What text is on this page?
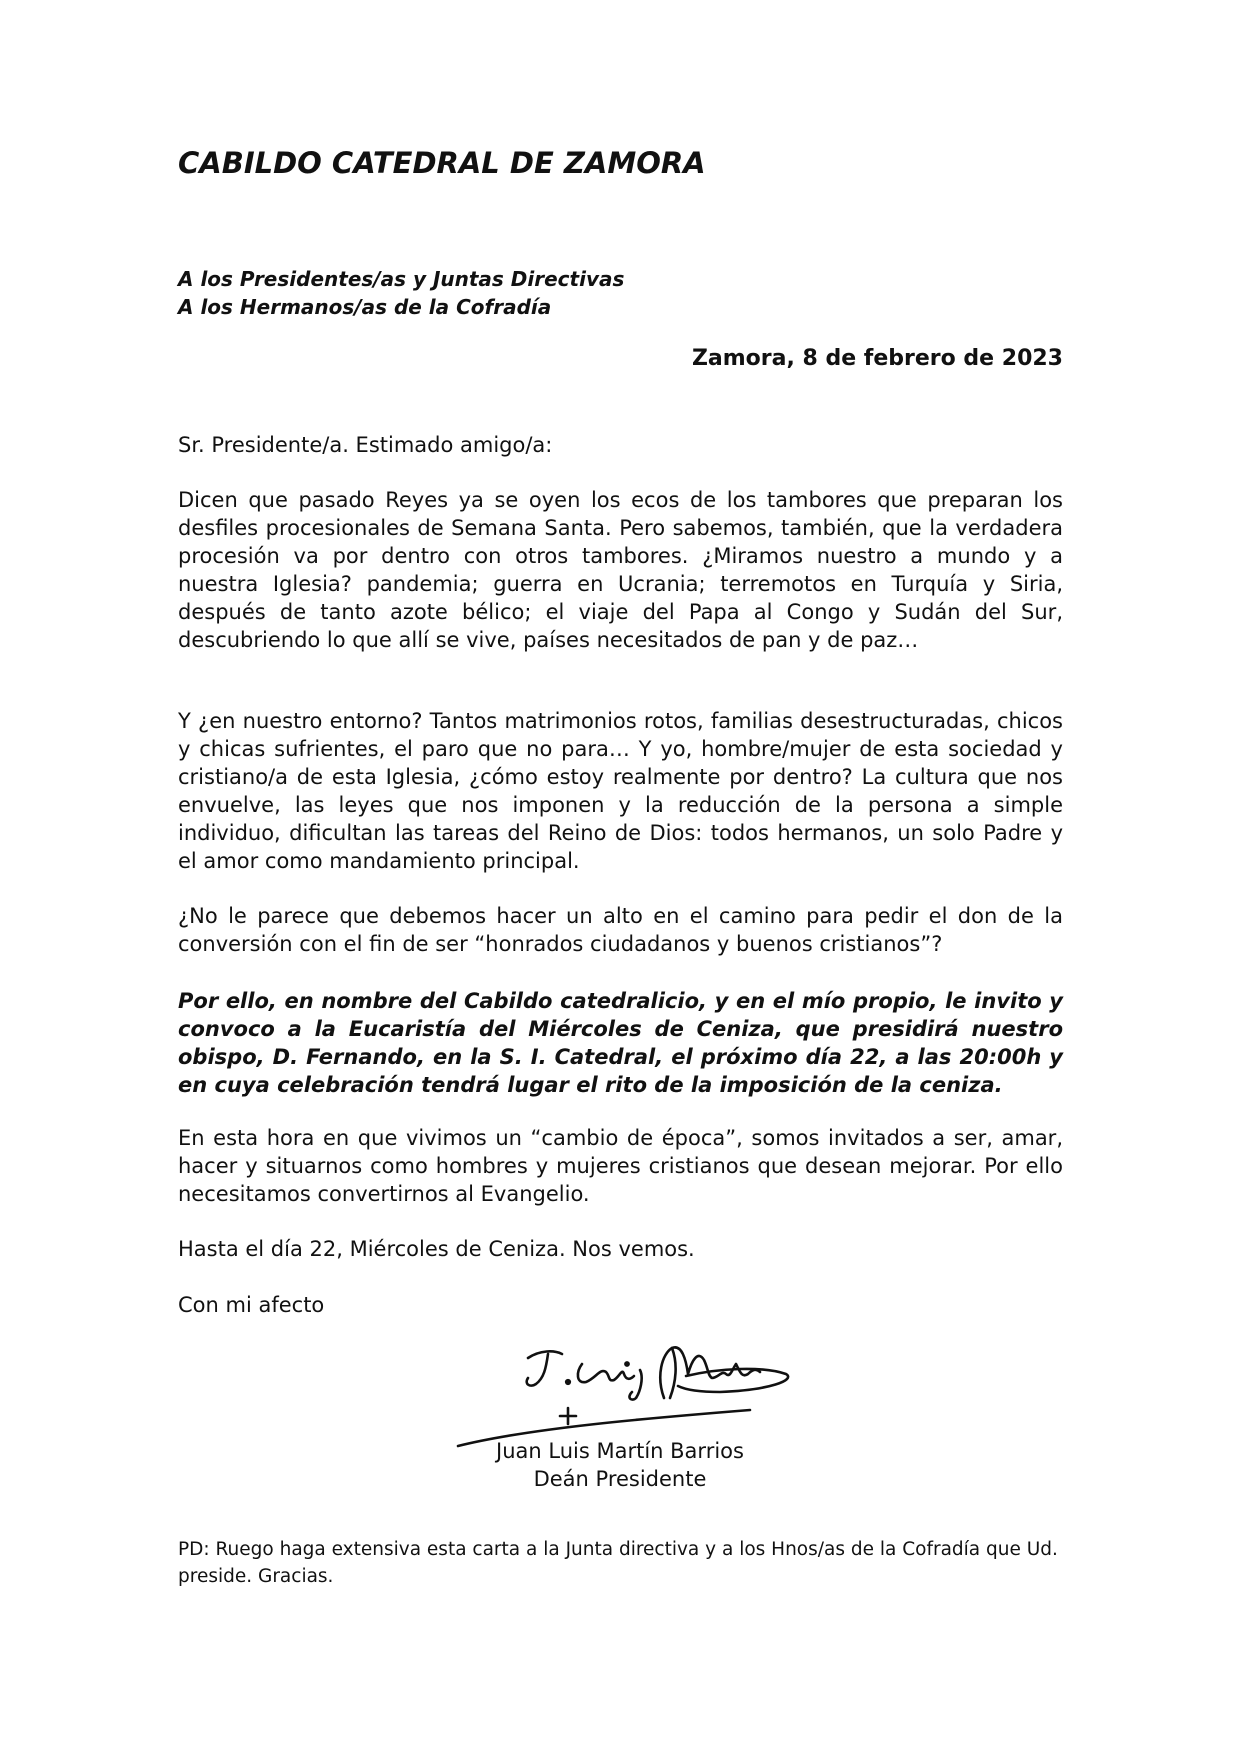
CABILDO CATEDRAL DE ZAMORA
A los Presidentes/as y Juntas Directivas
A los Hermanos/as de la Cofradía
Zamora, 8 de febrero de 2023

Sr. Presidente/a. Estimado amigo/a:

Dicen que pasado Reyes ya se oyen los ecos de los tambores que preparan los desfiles procesionales de Semana Santa. Pero sabemos, también, que la verdadera procesión va por dentro con otros tambores. ¿Miramos nuestro a mundo y a nuestra Iglesia? pandemia; guerra en Ucrania; terremotos en Turquía y Siria, después de tanto azote bélico; el viaje del Papa al Congo y Sudán del Sur, descubriendo lo que allí se vive, países necesitados de pan y de paz…

Y ¿en nuestro entorno? Tantos matrimonios rotos, familias desestructuradas, chicos y chicas sufrientes, el paro que no para… Y yo, hombre/mujer de esta sociedad y cristiano/a de esta Iglesia, ¿cómo estoy realmente por dentro? La cultura que nos envuelve, las leyes que nos imponen y la reducción de la persona a simple individuo, dificultan las tareas del Reino de Dios: todos hermanos, un solo Padre y el amor como mandamiento principal.

¿No le parece que debemos hacer un alto en el camino para pedir el don de la conversión con el fin de ser “honrados ciudadanos y buenos cristianos”?

Por ello, en nombre del Cabildo catedralicio, y en el mío propio, le invito y convoco a la Eucaristía del Miércoles de Ceniza, que presidirá nuestro obispo, D. Fernando, en la S. I. Catedral, el próximo día 22, a las 20:00h y en cuya celebración tendrá lugar el rito de la imposición de la ceniza.

En esta hora en que vivimos un “cambio de época”, somos invitados a ser, amar, hacer y situarnos como hombres y mujeres cristianos que desean mejorar. Por ello necesitamos convertirnos al Evangelio.

Hasta el día 22, Miércoles de Ceniza. Nos vemos.

Con mi afecto

Juan Luis Martín Barrios
Deán Presidente
PD: Ruego haga extensiva esta carta a la Junta directiva y a los Hnos/as de la Cofradía que Ud. preside. Gracias.
